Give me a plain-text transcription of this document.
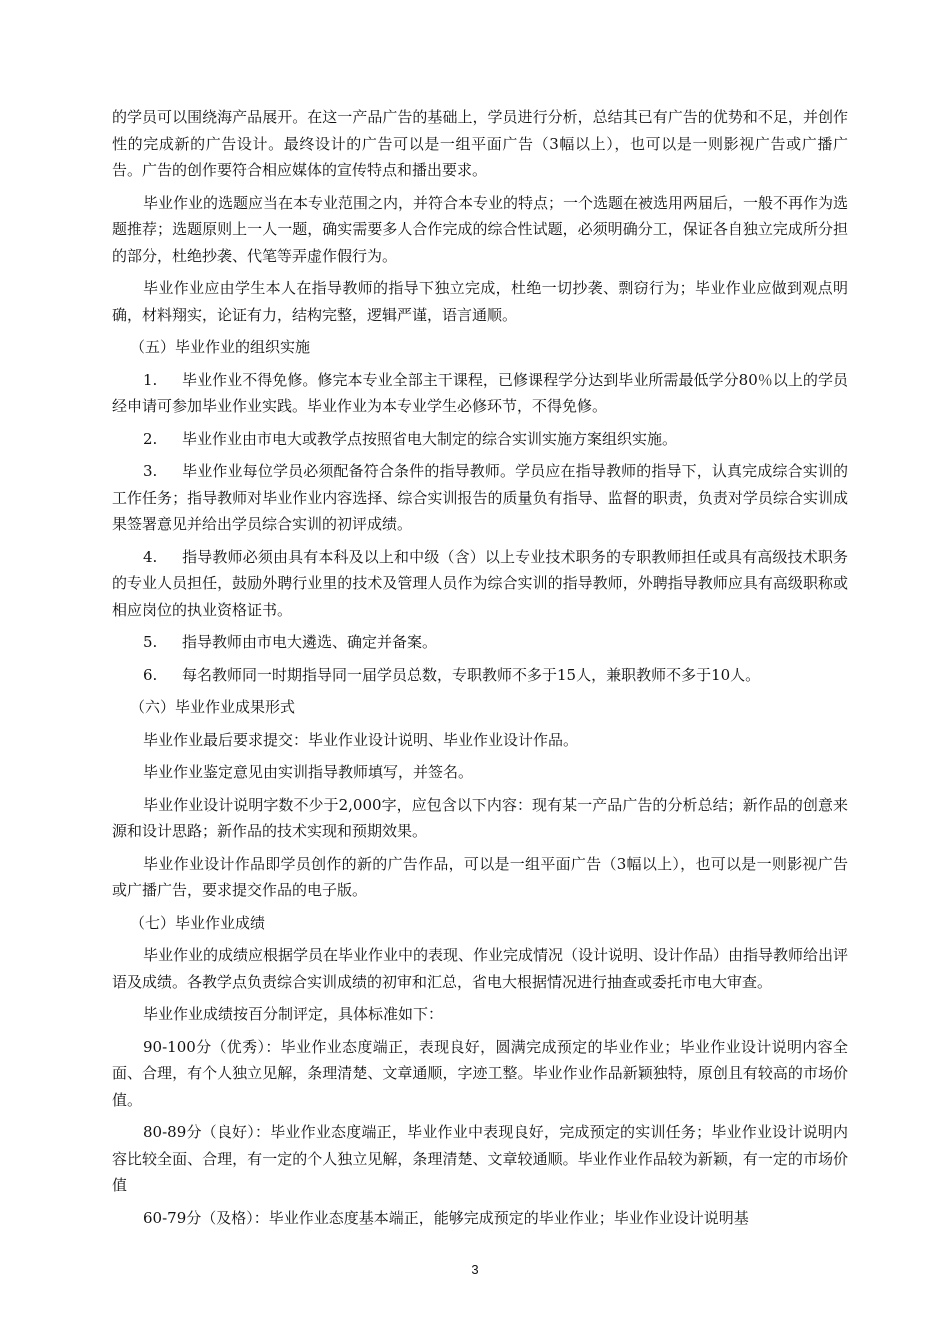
的学员可以围绕海产品展开。在这一产品广告的基础上，学员进行分析，总结其已有广告的优势和不足，并创作性的完成新的广告设计。最终设计的广告可以是一组平面广告（3幅以上），也可以是一则影视广告或广播广告。广告的创作要符合相应媒体的宣传特点和播出要求。

毕业作业的选题应当在本专业范围之内，并符合本专业的特点；一个选题在被选用两届后，一般不再作为选题推荐；选题原则上一人一题，确实需要多人合作完成的综合性试题，必须明确分工，保证各自独立完成所分担的部分，杜绝抄袭、代笔等弄虚作假行为。

毕业作业应由学生本人在指导教师的指导下独立完成，杜绝一切抄袭、剽窃行为；毕业作业应做到观点明确，材料翔实，论证有力，结构完整，逻辑严谨，语言通顺。

（五）毕业作业的组织实施

1. 毕业作业不得免修。修完本专业全部主干课程，已修课程学分达到毕业所需最低学分80％以上的学员经申请可参加毕业作业实践。毕业作业为本专业学生必修环节，不得免修。

2. 毕业作业由市电大或教学点按照省电大制定的综合实训实施方案组织实施。

3. 毕业作业每位学员必须配备符合条件的指导教师。学员应在指导教师的指导下，认真完成综合实训的工作任务；指导教师对毕业作业内容选择、综合实训报告的质量负有指导、监督的职责，负责对学员综合实训成果签署意见并给出学员综合实训的初评成绩。

4. 指导教师必须由具有本科及以上和中级（含）以上专业技术职务的专职教师担任或具有高级技术职务的专业人员担任，鼓励外聘行业里的技术及管理人员作为综合实训的指导教师，外聘指导教师应具有高级职称或相应岗位的执业资格证书。

5. 指导教师由市电大遴选、确定并备案。

6. 每名教师同一时期指导同一届学员总数，专职教师不多于15人，兼职教师不多于10人。

（六）毕业作业成果形式

毕业作业最后要求提交：毕业作业设计说明、毕业作业设计作品。

毕业作业鉴定意见由实训指导教师填写，并签名。

毕业作业设计说明字数不少于2,000字，应包含以下内容：现有某一产品广告的分析总结；新作品的创意来源和设计思路；新作品的技术实现和预期效果。

毕业作业设计作品即学员创作的新的广告作品，可以是一组平面广告（3幅以上），也可以是一则影视广告或广播广告，要求提交作品的电子版。

（七）毕业作业成绩

毕业作业的成绩应根据学员在毕业作业中的表现、作业完成情况（设计说明、设计作品）由指导教师给出评语及成绩。各教学点负责综合实训成绩的初审和汇总，省电大根据情况进行抽查或委托市电大审查。

毕业作业成绩按百分制评定，具体标准如下：

90-100分（优秀）：毕业作业态度端正，表现良好，圆满完成预定的毕业作业；毕业作业设计说明内容全面、合理，有个人独立见解，条理清楚、文章通顺，字迹工整。毕业作业作品新颖独特，原创且有较高的市场价值。

80-89分（良好）：毕业作业态度端正，毕业作业中表现良好，完成预定的实训任务；毕业作业设计说明内容比较全面、合理，有一定的个人独立见解，条理清楚、文章较通顺。毕业作业作品较为新颖，有一定的市场价值

60-79分（及格）：毕业作业态度基本端正，能够完成预定的毕业作业；毕业作业设计说明基

3
